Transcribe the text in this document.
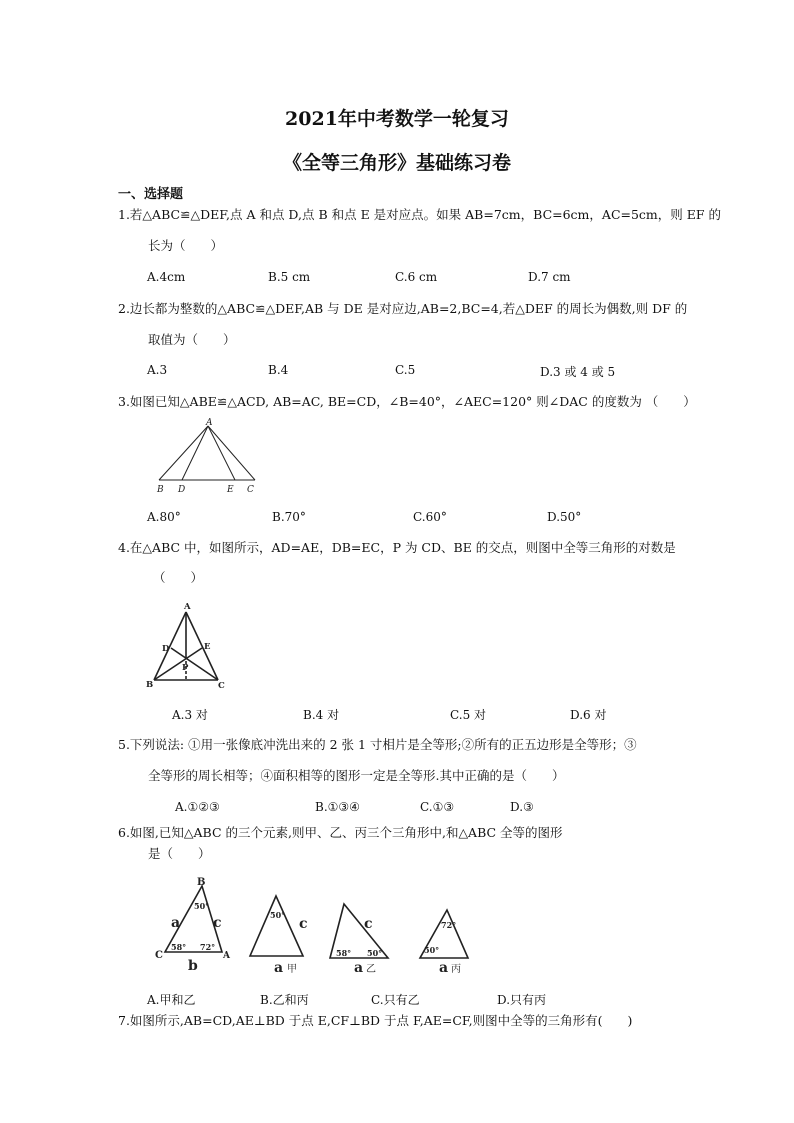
2021年中考数学一轮复习
《全等三角形》基础练习卷
一、选择题
1.若△ABC≌△DEF,点 A 和点 D,点 B 和点 E 是对应点。如果 AB=7cm，BC=6cm，AC=5cm，则 EF 的
长为（　　）
A.4cm	B.5 cm	C.6 cm	D.7 cm
2.边长都为整数的△ABC≌△DEF,AB 与 DE 是对应边,AB=2,BC=4,若△DEF 的周长为偶数,则 DF 的
取值为（　　）
A.3	B.4	C.5	D.3 或 4 或 5
3.如图已知△ABE≌△ACD, AB=AC, BE=CD，∠B=40°，∠AEC=120° 则∠DAC 的度数为 （　　）
A
B D	E C
A.80°	B.70°	C.60°	D.50°
4.在△ABC 中，如图所示，AD=AE，DB=EC，P 为 CD、BE 的交点，则图中全等三角形的对数是
（　　）
A
D	E
P
B	C
A.3 对	B.4 对	C.5 对	D.6 对
5.下列说法: ①用一张像底冲洗出来的 2 张 1 寸相片是全等形;②所有的正五边形是全等形；③
全等形的周长相等；④面积相等的图形一定是全等形.其中正确的是（　　）
A.①②③	B.①③④	C.①③	D.③
6.如图,已知△ABC 的三个元素,则甲、乙、丙三个三角形中,和△ABC 全等的图形
是（　　）
B
C	A
a
b
c
50°
58° 72°
50°
c
a 甲
c
58° 50°
a 乙
72°
50°
a 丙
A.甲和乙	B.乙和丙	C.只有乙	D.只有丙
7.如图所示,AB=CD,AE⊥BD 于点 E,CF⊥BD 于点 F,AE=CF,则图中全等的三角形有(　　)
